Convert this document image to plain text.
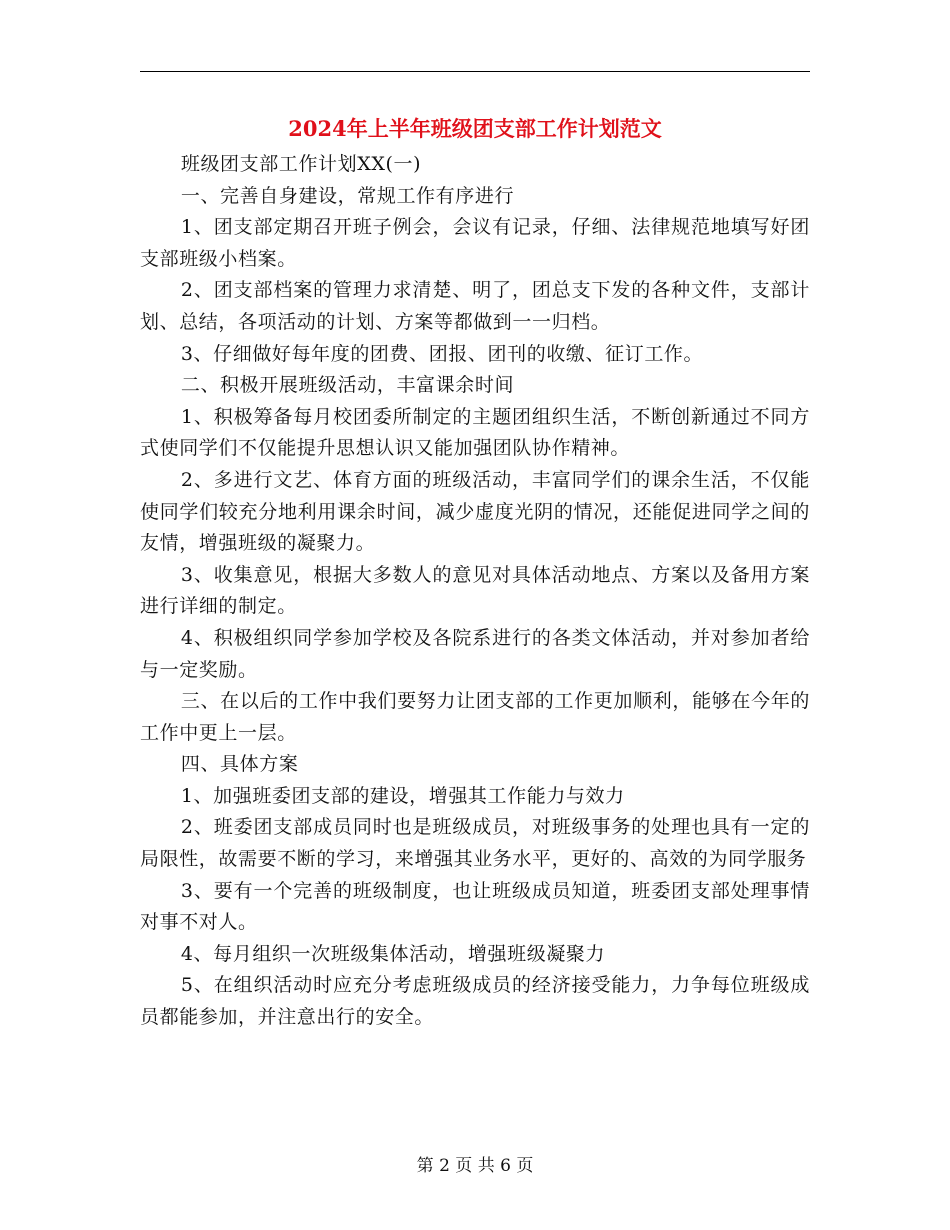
2024年上半年班级团支部工作计划范文

班级团支部工作计划XX(一)

一、完善自身建设，常规工作有序进行

1、团支部定期召开班子例会，会议有记录，仔细、法律规范地填写好团支部班级小档案。

2、团支部档案的管理力求清楚、明了，团总支下发的各种文件，支部计划、总结，各项活动的计划、方案等都做到一一归档。

3、仔细做好每年度的团费、团报、团刊的收缴、征订工作。

二、积极开展班级活动，丰富课余时间

1、积极筹备每月校团委所制定的主题团组织生活，不断创新通过不同方式使同学们不仅能提升思想认识又能加强团队协作精神。

2、多进行文艺、体育方面的班级活动，丰富同学们的课余生活，不仅能使同学们较充分地利用课余时间，减少虚度光阴的情况，还能促进同学之间的友情，增强班级的凝聚力。

3、收集意见，根据大多数人的意见对具体活动地点、方案以及备用方案进行详细的制定。

4、积极组织同学参加学校及各院系进行的各类文体活动，并对参加者给与一定奖励。

三、在以后的工作中我们要努力让团支部的工作更加顺利，能够在今年的工作中更上一层。

四、具体方案

1、加强班委团支部的建设，增强其工作能力与效力

2、班委团支部成员同时也是班级成员，对班级事务的处理也具有一定的局限性，故需要不断的学习，来增强其业务水平，更好的、高效的为同学服务

3、要有一个完善的班级制度，也让班级成员知道，班委团支部处理事情对事不对人。

4、每月组织一次班级集体活动，增强班级凝聚力

5、在组织活动时应充分考虑班级成员的经济接受能力，力争每位班级成员都能参加，并注意出行的安全。

第 2 页 共 6 页
